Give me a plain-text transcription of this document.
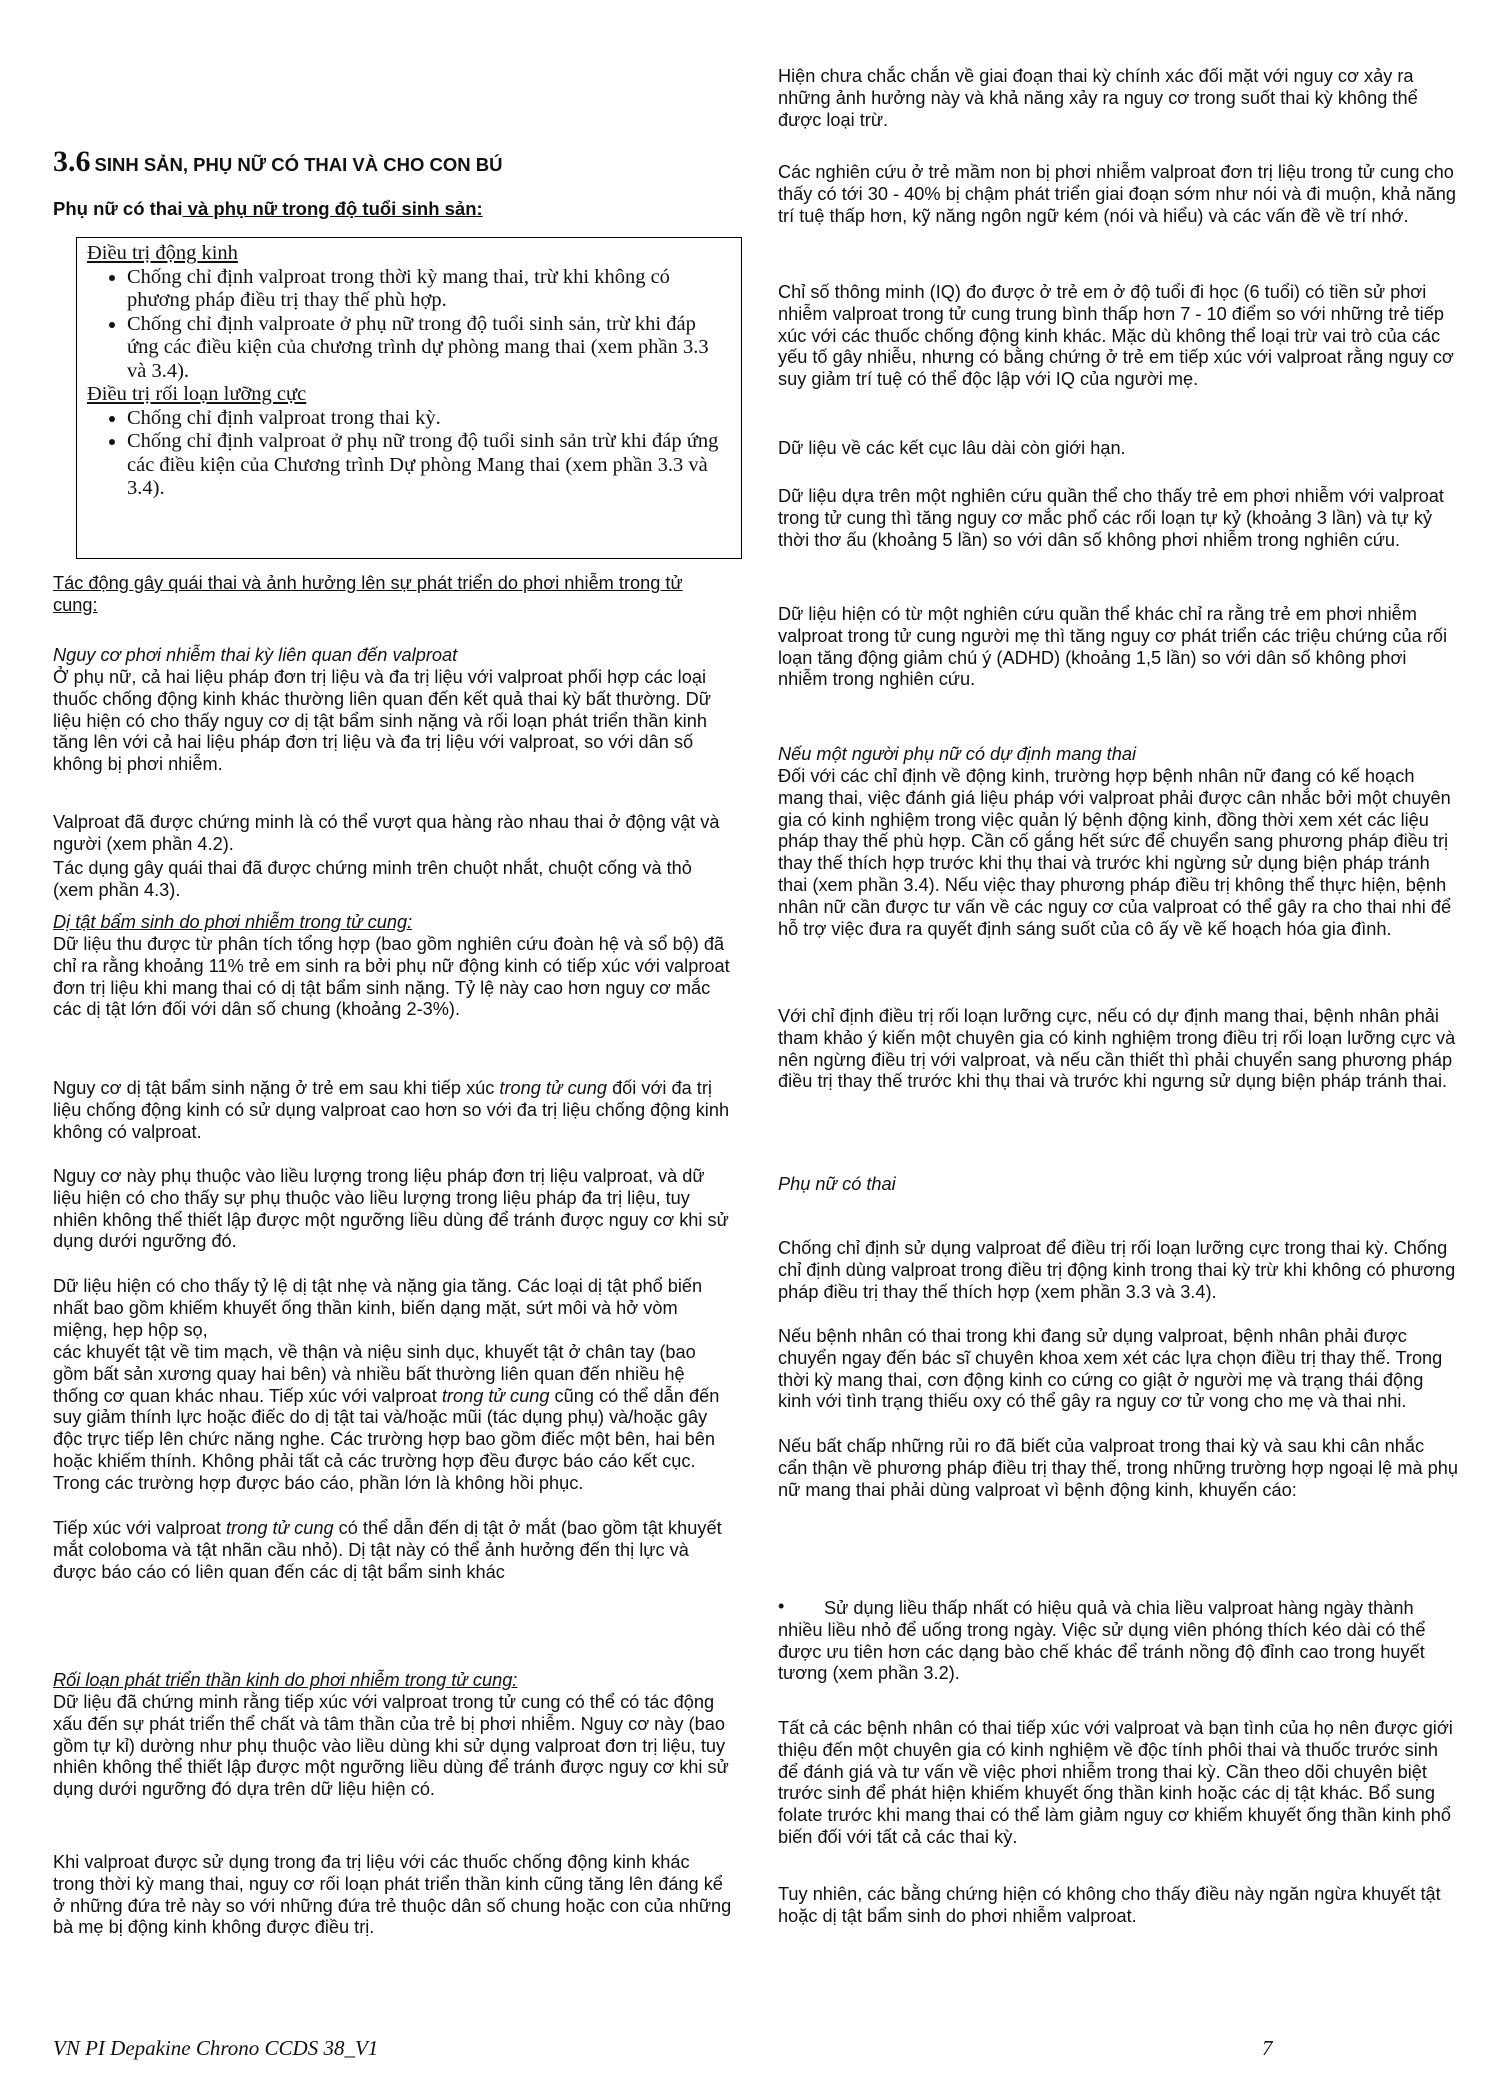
3.6 SINH SẢN, PHỤ NỮ CÓ THAI VÀ CHO CON BÚ
Phụ nữ có thai và phụ nữ trong độ tuổi sinh sản:
Điều trị động kinh
• Chống chỉ định valproat trong thời kỳ mang thai, trừ khi không có phương pháp điều trị thay thế phù hợp.
• Chống chỉ định valproate ở phụ nữ trong độ tuổi sinh sản, trừ khi đáp ứng các điều kiện của chương trình dự phòng mang thai (xem phần 3.3 và 3.4).
Điều trị rối loạn lưỡng cực
• Chống chỉ định valproat trong thai kỳ.
• Chống chỉ định valproat ở phụ nữ trong độ tuổi sinh sản trừ khi đáp ứng các điều kiện của Chương trình Dự phòng Mang thai (xem phần 3.3 và 3.4).

Tác động gây quái thai và ảnh hưởng lên sự phát triển do phơi nhiễm trong tử cung:

Nguy cơ phơi nhiễm thai kỳ liên quan đến valproat

Ở phụ nữ, cả hai liệu pháp đơn trị liệu và đa trị liệu với valproat phối hợp các loại thuốc chống động kinh khác thường liên quan đến kết quả thai kỳ bất thường. Dữ liệu hiện có cho thấy nguy cơ dị tật bẩm sinh nặng và rối loạn phát triển thần kinh tăng lên với cả hai liệu pháp đơn trị liệu và đa trị liệu với valproat, so với dân số không bị phơi nhiễm.

Valproat đã được chứng minh là có thể vượt qua hàng rào nhau thai ở động vật và người (xem phần 4.2).

Tác dụng gây quái thai đã được chứng minh trên chuột nhắt, chuột cống và thỏ (xem phần 4.3).

Dị tật bẩm sinh do phơi nhiễm trong tử cung:

Dữ liệu thu được từ phân tích tổng hợp (bao gồm nghiên cứu đoàn hệ và sổ bộ) đã chỉ ra rằng khoảng 11% trẻ em sinh ra bởi phụ nữ động kinh có tiếp xúc với valproat đơn trị liệu khi mang thai có dị tật bẩm sinh nặng. Tỷ lệ này cao hơn nguy cơ mắc các dị tật lớn đối với dân số chung (khoảng 2-3%).

Nguy cơ dị tật bẩm sinh nặng ở trẻ em sau khi tiếp xúc trong tử cung đối với đa trị liệu chống động kinh có sử dụng valproat cao hơn so với đa trị liệu chống động kinh không có valproat.

Nguy cơ này phụ thuộc vào liều lượng trong liệu pháp đơn trị liệu valproat, và dữ liệu hiện có cho thấy sự phụ thuộc vào liều lượng trong liệu pháp đa trị liệu, tuy nhiên không thể thiết lập được một ngưỡng liều dùng để tránh được nguy cơ khi sử dụng dưới ngưỡng đó.

Dữ liệu hiện có cho thấy tỷ lệ dị tật nhẹ và nặng gia tăng. Các loại dị tật phổ biến nhất bao gồm khiếm khuyết ống thần kinh, biến dạng mặt, sứt môi và hở vòm miệng, hẹp hộp sọ,

các khuyết tật về tim mạch, về thận và niệu sinh dục, khuyết tật ở chân tay (bao gồm bất sản xương quay hai bên) và nhiều bất thường liên quan đến nhiều hệ thống cơ quan khác nhau. Tiếp xúc với valproat trong tử cung cũng có thể dẫn đến suy giảm thính lực hoặc điếc do dị tật tai và/hoặc mũi (tác dụng phụ) và/hoặc gây độc trực tiếp lên chức năng nghe. Các trường hợp bao gồm điếc một bên, hai bên hoặc khiếm thính. Không phải tất cả các trường hợp đều được báo cáo kết cục. Trong các trường hợp được báo cáo, phần lớn là không hồi phục.

Tiếp xúc với valproat trong tử cung có thể dẫn đến dị tật ở mắt (bao gồm tật khuyết mắt coloboma và tật nhãn cầu nhỏ). Dị tật này có thể ảnh hưởng đến thị lực và được báo cáo có liên quan đến các dị tật bẩm sinh khác

Rối loạn phát triển thần kinh do phơi nhiễm trong tử cung:

Dữ liệu đã chứng minh rằng tiếp xúc với valproat trong tử cung có thể có tác động xấu đến sự phát triển thể chất và tâm thần của trẻ bị phơi nhiễm. Nguy cơ này (bao gồm tự kỉ) dường như phụ thuộc vào liều dùng khi sử dụng valproat đơn trị liệu, tuy nhiên không thể thiết lập được một ngưỡng liều dùng để tránh được nguy cơ khi sử dụng dưới ngưỡng đó dựa trên dữ liệu hiện có.

Khi valproat được sử dụng trong đa trị liệu với các thuốc chống động kinh khác trong thời kỳ mang thai, nguy cơ rối loạn phát triển thần kinh cũng tăng lên đáng kể ở những đứa trẻ này so với những đứa trẻ thuộc dân số chung hoặc con của những bà mẹ bị động kinh không được điều trị.

Hiện chưa chắc chắn về giai đoạn thai kỳ chính xác đối mặt với nguy cơ xảy ra những ảnh hưởng này và khả năng xảy ra nguy cơ trong suốt thai kỳ không thể được loại trừ.

Các nghiên cứu ở trẻ mầm non bị phơi nhiễm valproat đơn trị liệu trong tử cung cho thấy có tới 30 - 40% bị chậm phát triển giai đoạn sớm như nói và đi muộn, khả năng trí tuệ thấp hơn, kỹ năng ngôn ngữ kém (nói và hiểu) và các vấn đề về trí nhớ.

Chỉ số thông minh (IQ) đo được ở trẻ em ở độ tuổi đi học (6 tuổi) có tiền sử phơi nhiễm valproat trong tử cung trung bình thấp hơn 7 - 10 điểm so với những trẻ tiếp xúc với các thuốc chống động kinh khác. Mặc dù không thể loại trừ vai trò của các yếu tố gây nhiễu, nhưng có bằng chứng ở trẻ em tiếp xúc với valproat rằng nguy cơ suy giảm trí tuệ có thể độc lập với IQ của người mẹ.

Dữ liệu về các kết cục lâu dài còn giới hạn.

Dữ liệu dựa trên một nghiên cứu quần thể cho thấy trẻ em phơi nhiễm với valproat trong tử cung thì tăng nguy cơ mắc phổ các rối loạn tự kỷ (khoảng 3 lần) và tự kỷ thời thơ ấu (khoảng 5 lần) so với dân số không phơi nhiễm trong nghiên cứu.

Dữ liệu hiện có từ một nghiên cứu quần thể khác chỉ ra rằng trẻ em phơi nhiễm valproat trong tử cung người mẹ thì tăng nguy cơ phát triển các triệu chứng của rối loạn tăng động giảm chú ý (ADHD) (khoảng 1,5 lần) so với dân số không phơi nhiễm trong nghiên cứu.

Nếu một người phụ nữ có dự định mang thai

Đối với các chỉ định về động kinh, trường hợp bệnh nhân nữ đang có kế hoạch mang thai, việc đánh giá liệu pháp với valproat phải được cân nhắc bởi một chuyên gia có kinh nghiệm trong việc quản lý bệnh động kinh, đồng thời xem xét các liệu pháp thay thế phù hợp. Cần cố gắng hết sức để chuyển sang phương pháp điều trị thay thế thích hợp trước khi thụ thai và trước khi ngừng sử dụng biện pháp tránh thai (xem phần 3.4). Nếu việc thay phương pháp điều trị không thể thực hiện, bệnh nhân nữ cần được tư vấn về các nguy cơ của valproat có thể gây ra cho thai nhi để hỗ trợ việc đưa ra quyết định sáng suốt của cô ấy về kế hoạch hóa gia đình.

Với chỉ định điều trị rối loạn lưỡng cực, nếu có dự định mang thai, bệnh nhân phải tham khảo ý kiến một chuyên gia có kinh nghiệm trong điều trị rối loạn lưỡng cực và nên ngừng điều trị với valproat, và nếu cần thiết thì phải chuyển sang phương pháp điều trị thay thế trước khi thụ thai và trước khi ngưng sử dụng biện pháp tránh thai.

Phụ nữ có thai

Chống chỉ định sử dụng valproat để điều trị rối loạn lưỡng cực trong thai kỳ. Chống chỉ định dùng valproat trong điều trị động kinh trong thai kỳ trừ khi không có phương pháp điều trị thay thế thích hợp (xem phần 3.3 và 3.4).

Nếu bệnh nhân có thai trong khi đang sử dụng valproat, bệnh nhân phải được chuyển ngay đến bác sĩ chuyên khoa xem xét các lựa chọn điều trị thay thế. Trong thời kỳ mang thai, cơn động kinh co cứng co giật ở người mẹ và trạng thái động kinh với tình trạng thiếu oxy có thể gây ra nguy cơ tử vong cho mẹ và thai nhi.

Nếu bất chấp những rủi ro đã biết của valproat trong thai kỳ và sau khi cân nhắc cẩn thận về phương pháp điều trị thay thế, trong những trường hợp ngoại lệ mà phụ nữ mang thai phải dùng valproat vì bệnh động kinh, khuyến cáo:

•	Sử dụng liều thấp nhất có hiệu quả và chia liều valproat hàng ngày thành nhiều liều nhỏ để uống trong ngày. Việc sử dụng viên phóng thích kéo dài có thể được ưu tiên hơn các dạng bào chế khác để tránh nồng độ đỉnh cao trong huyết tương (xem phần 3.2).

Tất cả các bệnh nhân có thai tiếp xúc với valproat và bạn tình của họ nên được giới thiệu đến một chuyên gia có kinh nghiệm về độc tính phôi thai và thuốc trước sinh để đánh giá và tư vấn về việc phơi nhiễm trong thai kỳ. Cần theo dõi chuyên biệt trước sinh để phát hiện khiếm khuyết ống thần kinh hoặc các dị tật khác. Bổ sung folate trước khi mang thai có thể làm giảm nguy cơ khiếm khuyết ống thần kinh phổ biến đối với tất cả các thai kỳ.

Tuy nhiên, các bằng chứng hiện có không cho thấy điều này ngăn ngừa khuyết tật hoặc dị tật bẩm sinh do phơi nhiễm valproat.

VN PI Depakine Chrono CCDS 38_V1	7
